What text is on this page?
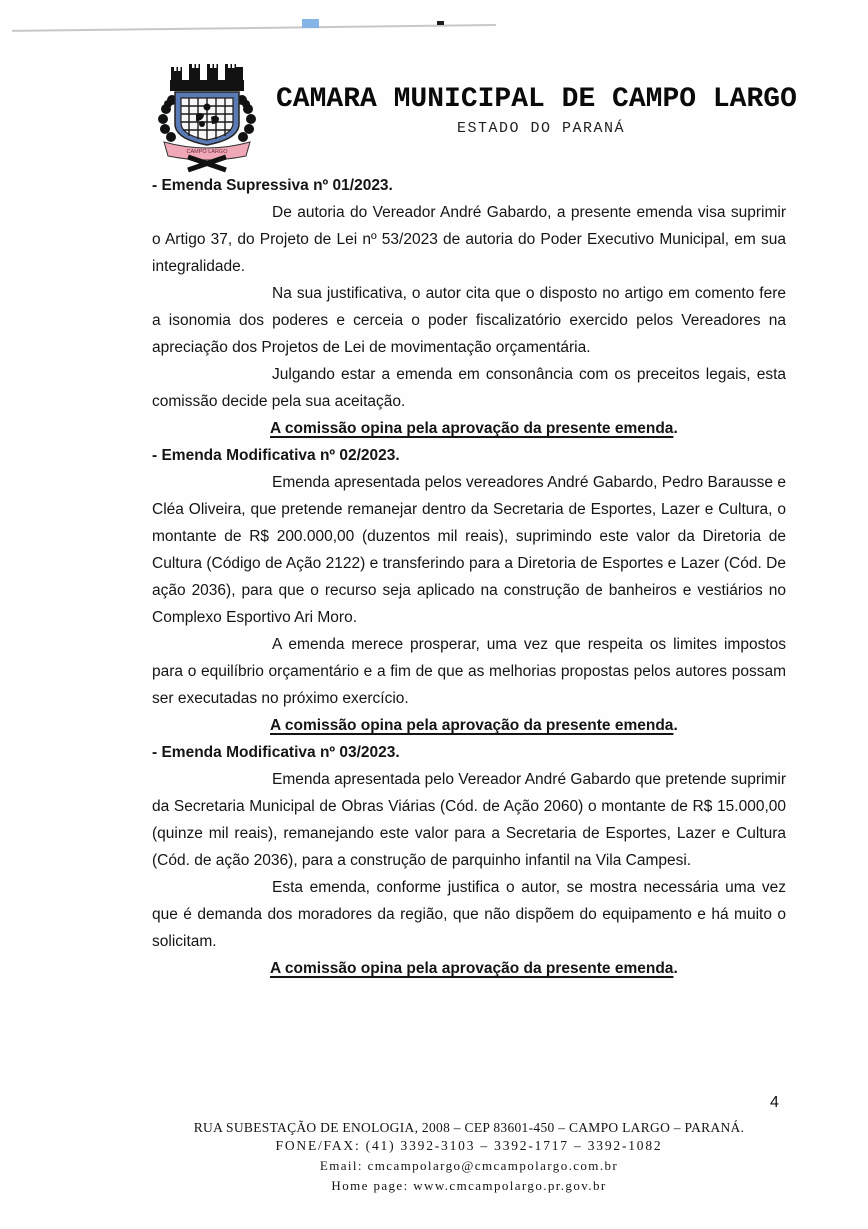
CAMPO LARGO
CAMARA MUNICIPAL DE CAMPO LARGO
ESTADO DO PARANÁ
- Emenda Supressiva nº 01/2023.

De autoria do Vereador André Gabardo, a presente emenda visa suprimir o Artigo 37, do Projeto de Lei nº 53/2023 de autoria do Poder Executivo Municipal, em sua integralidade.

Na sua justificativa, o autor cita que o disposto no artigo em comento fere a isonomia dos poderes e cerceia o poder fiscalizatório exercido pelos Vereadores na apreciação dos Projetos de Lei de movimentação orçamentária.

Julgando estar a emenda em consonância com os preceitos legais, esta comissão decide pela sua aceitação.

A comissão opina pela aprovação da presente emenda.

- Emenda Modificativa nº 02/2023.

Emenda apresentada pelos vereadores André Gabardo, Pedro Barausse e Cléa Oliveira, que pretende remanejar dentro da Secretaria de Esportes, Lazer e Cultura, o montante de R$ 200.000,00 (duzentos mil reais), suprimindo este valor da Diretoria de Cultura (Código de Ação 2122) e transferindo para a Diretoria de Esportes e Lazer (Cód. De ação 2036), para que o recurso seja aplicado na construção de banheiros e vestiários no Complexo Esportivo Ari Moro.

A emenda merece prosperar, uma vez que respeita os limites impostos para o equilíbrio orçamentário e a fim de que as melhorias propostas pelos autores possam ser executadas no próximo exercício.

A comissão opina pela aprovação da presente emenda.

- Emenda Modificativa nº 03/2023.

Emenda apresentada pelo Vereador André Gabardo que pretende suprimir da Secretaria Municipal de Obras Viárias (Cód. de Ação 2060) o montante de R$ 15.000,00 (quinze mil reais), remanejando este valor para a Secretaria de Esportes, Lazer e Cultura (Cód. de ação 2036), para a construção de parquinho infantil na Vila Campesi.

Esta emenda, conforme justifica o autor, se mostra necessária uma vez que é demanda dos moradores da região, que não dispõem do equipamento e há muito o solicitam.

A comissão opina pela aprovação da presente emenda.

4
RUA SUBESTAÇÃO DE ENOLOGIA, 2008 – CEP 83601-450 – CAMPO LARGO – PARANÁ.
FONE/FAX: (41) 3392-3103 – 3392-1717 – 3392-1082
Email: cmcampolargo@cmcampolargo.com.br
Home page: www.cmcampolargo.pr.gov.br
